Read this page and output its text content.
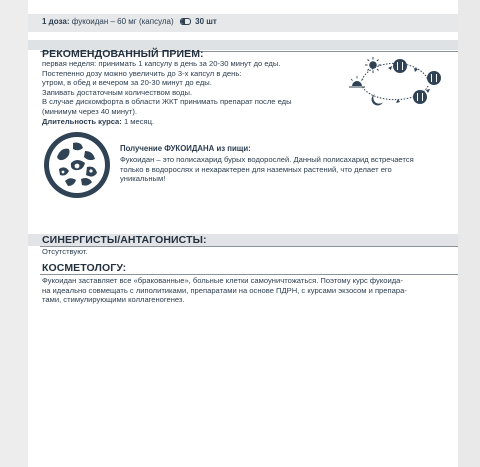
1 доза: фукоидан – 60 мг (капсула)	30 шт
РЕКОМЕНДОВАННЫЙ ПРИЕМ:
первая неделя: принимать 1 капсулу в день за 20-30 минут до еды.
Постепенно дозу можно увеличить до 3-х капсул в день:
утром, в обед и вечером за 20-30 минут до еды.
Запивать достаточным количеством воды.
В случае дискомфорта в области ЖКТ принимать препарат после еды
(минимум через 40 минут).
Длительность курса: 1 месяц.
Получение ФУКОИДАНА из пищи:
Фукоидан – это полисахарид бурых водорослей. Данный полисахарид встречается
только в водорослях и нехарактерен для наземных растений, что делает его
уникальным!
СИНЕРГИСТЫ/АНТАГОНИСТЫ:
Отсутствуют.
КОСМЕТОЛОГУ:
Фукоидан заставляет все «бракованные», больные клетки самоуничтожаться. Поэтому курс фукоида-
на идеально совмещать с липолитиками, препаратами на основе ПДРН, с курсами экзосом и препара-
тами, стимулирующими коллагеногенез.
